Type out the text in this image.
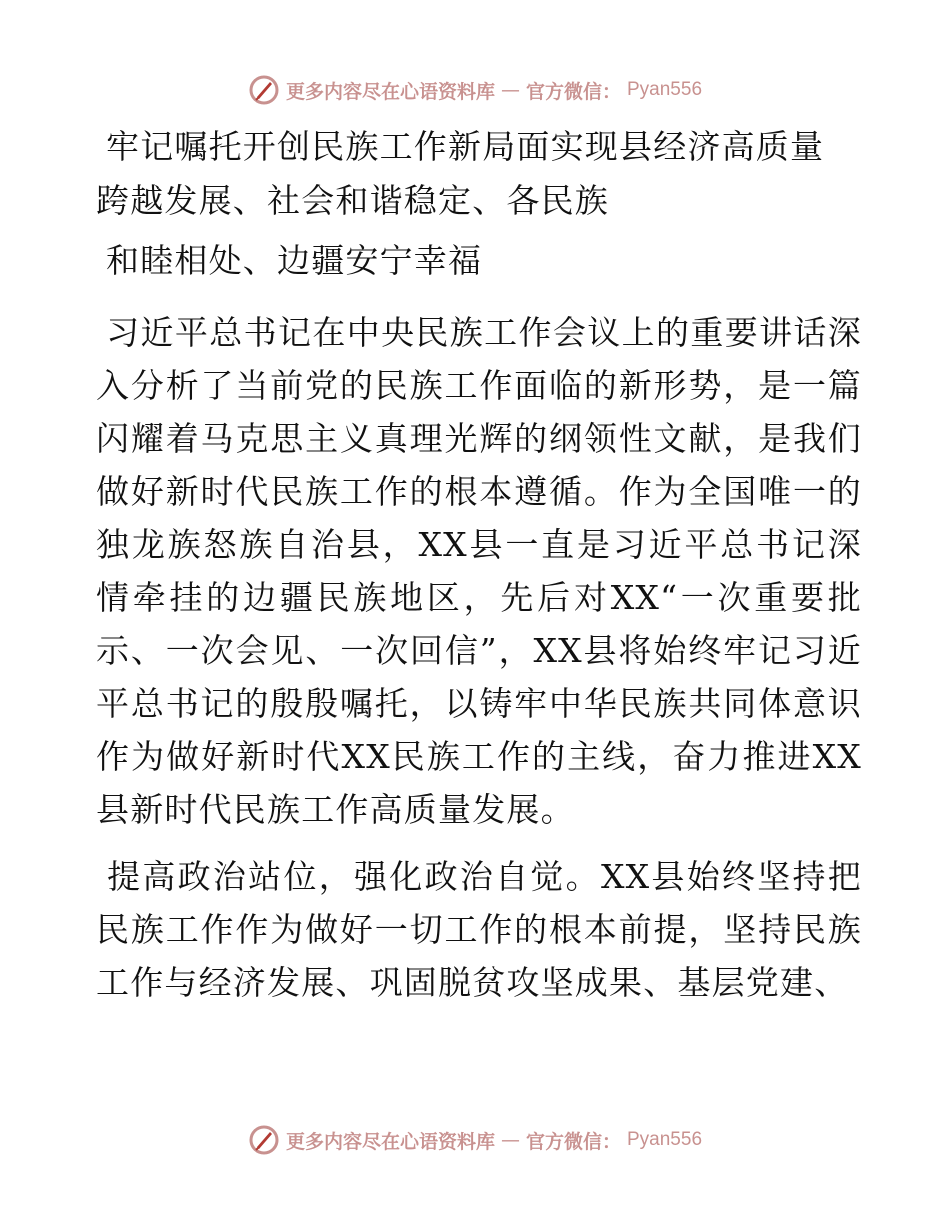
更多内容尽在心语资料库 — 官方微信： Pyan556
牢记嘱托开创民族工作新局面实现县经济高质量
跨越发展、社会和谐稳定、各民族

和睦相处、边疆安宁幸福

习近平总书记在中央民族工作会议上的重要讲话深入分析了当前党的民族工作面临的新形势，是一篇闪耀着马克思主义真理光辉的纲领性文献，是我们做好新时代民族工作的根本遵循。作为全国唯一的独龙族怒族自治县，XX县一直是习近平总书记深情牵挂的边疆民族地区，先后对XX“一次重要批示、一次会见、一次回信”，XX县将始终牢记习近平总书记的殷殷嘱托，以铸牢中华民族共同体意识作为做好新时代XX民族工作的主线，奋力推进XX县新时代民族工作高质量发展。

提高政治站位，强化政治自觉。XX县始终坚持把民族工作作为做好一切工作的根本前提，坚持民族工作与经济发展、巩固脱贫攻坚成果、基层党建、

更多内容尽在心语资料库 — 官方微信： Pyan556
